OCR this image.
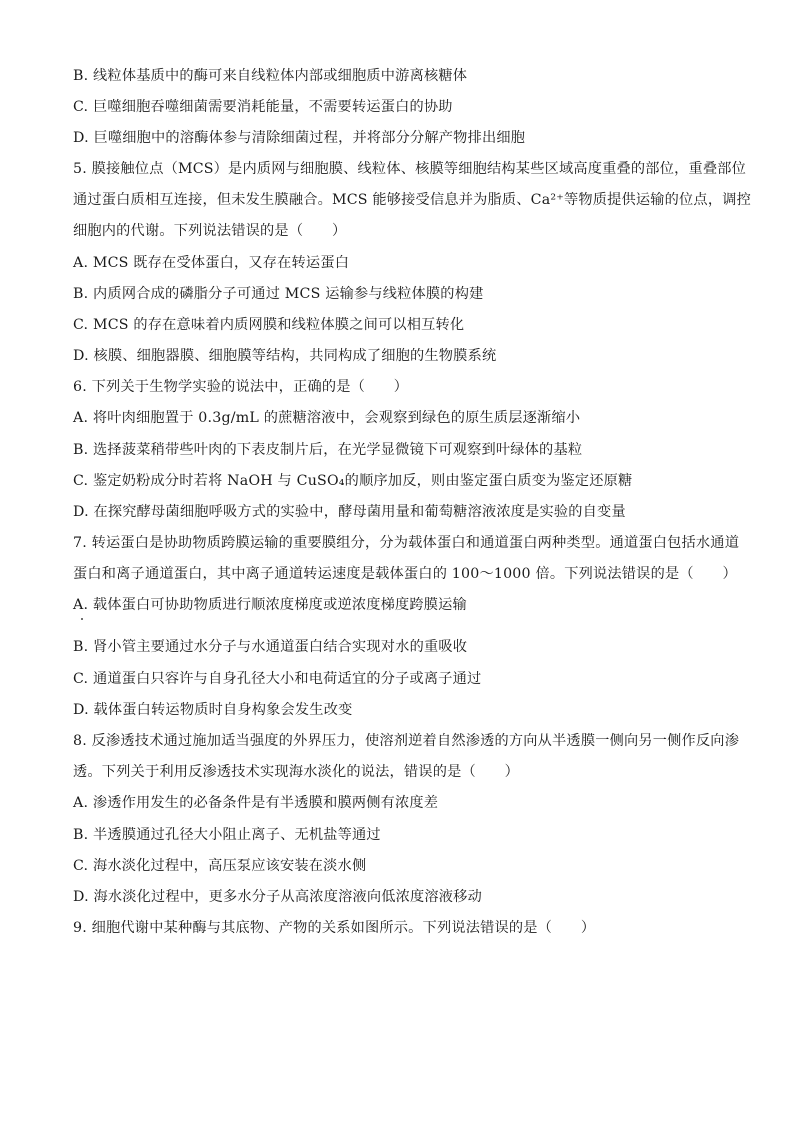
B. 线粒体基质中的酶可来自线粒体内部或细胞质中游离核糖体
C. 巨噬细胞吞噬细菌需要消耗能量，不需要转运蛋白的协助
D. 巨噬细胞中的溶酶体参与清除细菌过程，并将部分分解产物排出细胞
5. 膜接触位点（MCS）是内质网与细胞膜、线粒体、核膜等细胞结构某些区域高度重叠的部位，重叠部位
通过蛋白质相互连接，但未发生膜融合。MCS 能够接受信息并为脂质、Ca²⁺等物质提供运输的位点，调控
细胞内的代谢。下列说法错误的是（　　）
A. MCS 既存在受体蛋白，又存在转运蛋白
B. 内质网合成的磷脂分子可通过 MCS 运输参与线粒体膜的构建
C. MCS 的存在意味着内质网膜和线粒体膜之间可以相互转化
D. 核膜、细胞器膜、细胞膜等结构，共同构成了细胞的生物膜系统
6. 下列关于生物学实验的说法中，正确的是（　　）
A. 将叶肉细胞置于 0.3g/mL 的蔗糖溶液中，会观察到绿色的原生质层逐渐缩小
B. 选择菠菜稍带些叶肉的下表皮制片后，在光学显微镜下可观察到叶绿体的基粒
C. 鉴定奶粉成分时若将 NaOH 与 CuSO₄的顺序加反，则由鉴定蛋白质变为鉴定还原糖
D. 在探究酵母菌细胞呼吸方式的实验中，酵母菌用量和葡萄糖溶液浓度是实验的自变量
7. 转运蛋白是协助物质跨膜运输的重要膜组分，分为载体蛋白和通道蛋白两种类型。通道蛋白包括水通道
蛋白和离子通道蛋白，其中离子通道转运速度是载体蛋白的 100～1000 倍。下列说法错误的是（　　）
A. 载体蛋白可协助物质进行顺浓度梯度或逆浓度梯度跨膜运输
B. 肾小管主要通过水分子与水通道蛋白结合实现对水的重吸收
C. 通道蛋白只容许与自身孔径大小和电荷适宜的分子或离子通过
D. 载体蛋白转运物质时自身构象会发生改变
8. 反渗透技术通过施加适当强度的外界压力，使溶剂逆着自然渗透的方向从半透膜一侧向另一侧作反向渗
透。下列关于利用反渗透技术实现海水淡化的说法，错误的是（　　）
A. 渗透作用发生的必备条件是有半透膜和膜两侧有浓度差
B. 半透膜通过孔径大小阻止离子、无机盐等通过
C. 海水淡化过程中，高压泵应该安装在淡水侧
D. 海水淡化过程中，更多水分子从高浓度溶液向低浓度溶液移动
9. 细胞代谢中某种酶与其底物、产物的关系如图所示。下列说法错误的是（　　）
